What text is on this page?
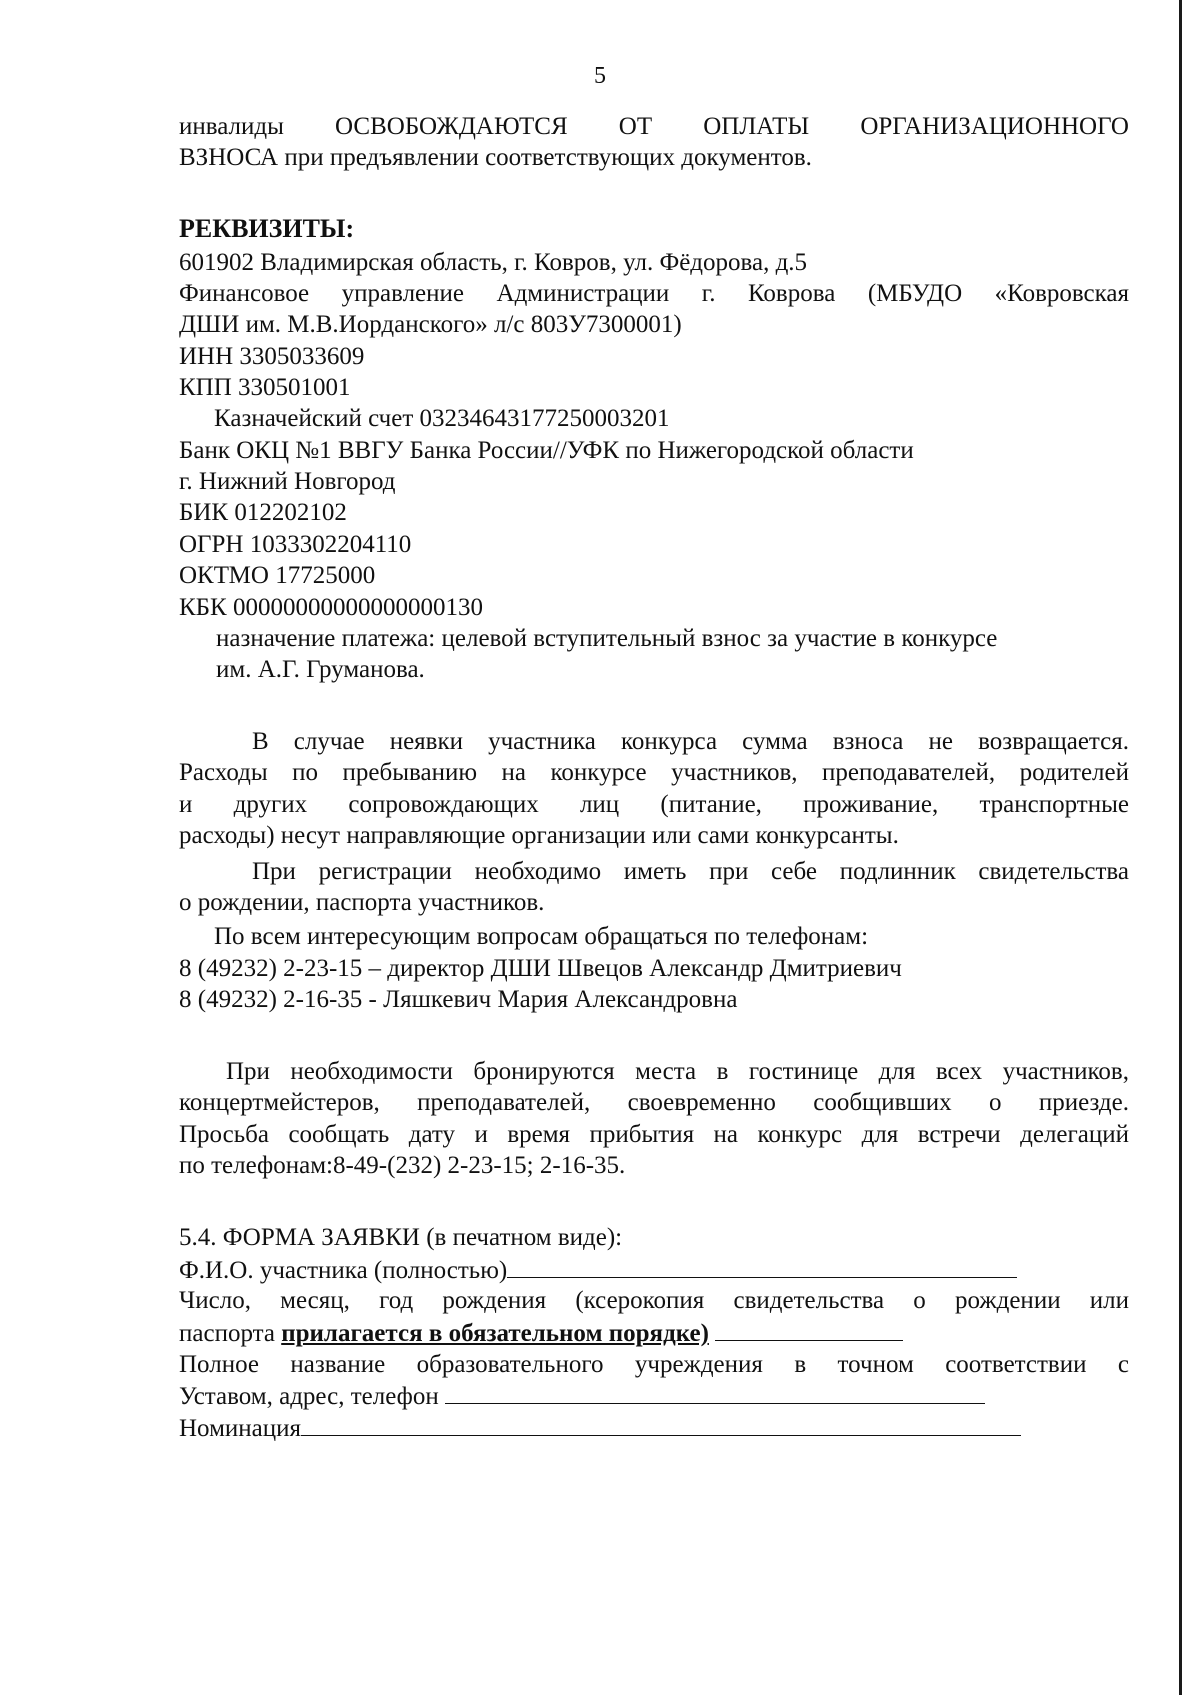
5
инвалиды ОСВОБОЖДАЮТСЯ ОТ ОПЛАТЫ ОРГАНИЗАЦИОННОГО
ВЗНОСА при предъявлении соответствующих документов.
РЕКВИЗИТЫ:
601902 Владимирская область, г. Ковров, ул. Фёдорова, д.5
Финансовое управление Администрации г. Коврова (МБУДО «Ковровская
ДШИ им. М.В.Иорданского» л/с 803У7300001)
ИНН 3305033609
КПП 330501001
Казначейский счет 03234643177250003201
Банк ОКЦ №1 ВВГУ Банка России//УФК по Нижегородской области
г. Нижний Новгород
БИК 012202102
ОГРН 1033302204110
ОКТМО 17725000
КБК 00000000000000000130
назначение платежа: целевой вступительный взнос за участие в конкурсе
им. А.Г. Груманова.
В случае неявки участника конкурса сумма взноса не возвращается.
Расходы по пребыванию на конкурсе участников, преподавателей, родителей
и других сопровождающих лиц (питание, проживание, транспортные
расходы) несут направляющие организации или сами конкурсанты.
При регистрации необходимо иметь при себе подлинник свидетельства
о рождении, паспорта участников.
По всем интересующим вопросам обращаться по телефонам:
8 (49232) 2-23-15 – директор ДШИ Швецов Александр Дмитриевич
8 (49232) 2-16-35 - Ляшкевич Мария Александровна
При необходимости бронируются места в гостинице для всех участников,
концертмейстеров, преподавателей, своевременно сообщивших о приезде.
Просьба сообщать дату и время прибытия на конкурс для встречи делегаций
по телефонам:8-49-(232) 2-23-15; 2-16-35.
5.4. ФОРМА ЗАЯВКИ (в печатном виде):
Ф.И.О. участника (полностью)
Число, месяц, год рождения (ксерокопия свидетельства о рождении или
паспорта прилагается в обязательном порядке)
Полное название образовательного учреждения в точном соответствии с
Уставом, адрес, телефон
Номинация
